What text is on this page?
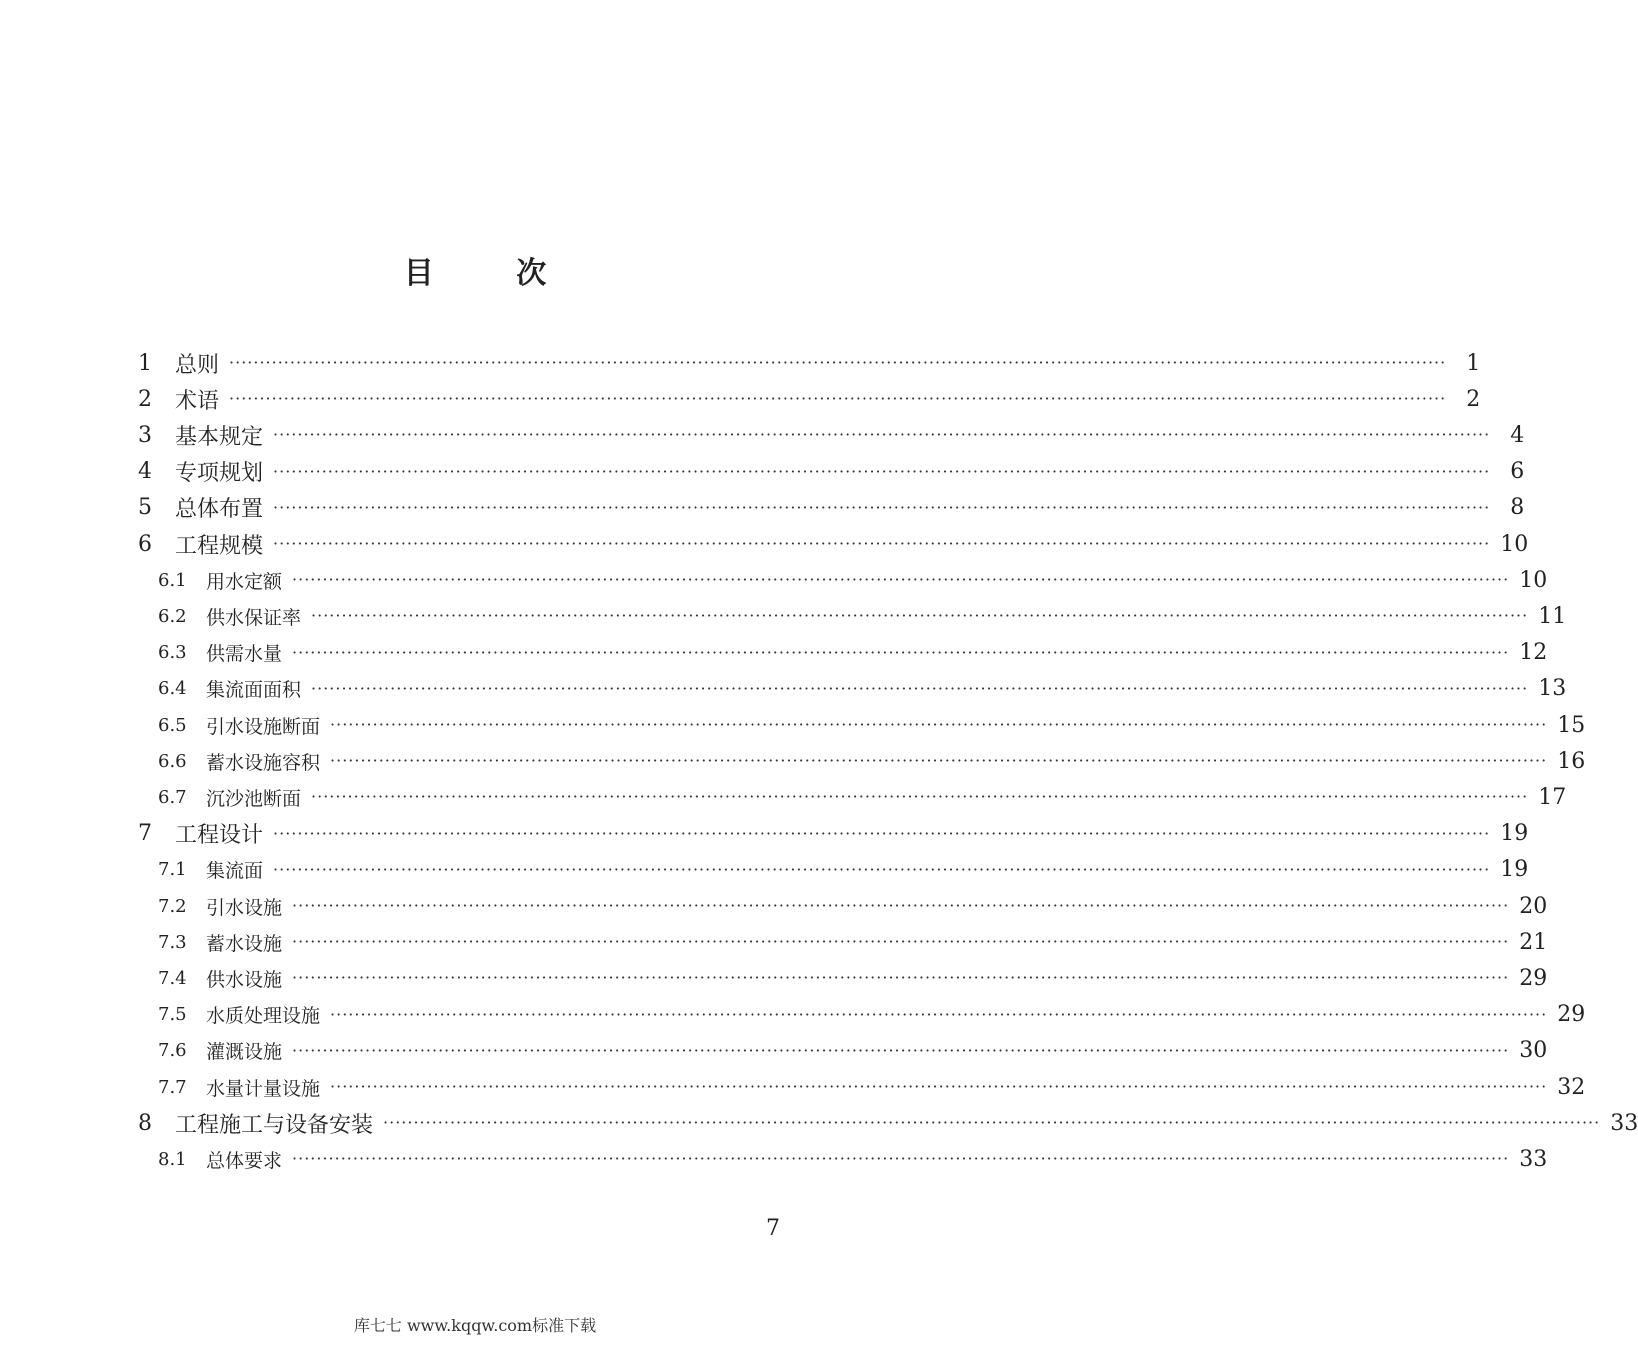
目 次
1	总则 ········································································································································································································ 1
2	术语 ········································································································································································································ 2
3	基本规定 ········································································································································································································ 4
4	专项规划 ········································································································································································································ 6
5	总体布置 ········································································································································································································ 8
6	工程规模 ········································································································································································································ 10
6.1	用水定额 ········································································································································································································ 10
6.2	供水保证率 ········································································································································································································ 11
6.3	供需水量 ········································································································································································································ 12
6.4	集流面面积 ········································································································································································································ 13
6.5	引水设施断面 ········································································································································································································ 15
6.6	蓄水设施容积 ········································································································································································································ 16
6.7	沉沙池断面 ········································································································································································································ 17
7	工程设计 ········································································································································································································ 19
7.1	集流面 ········································································································································································································ 19
7.2	引水设施 ········································································································································································································ 20
7.3	蓄水设施 ········································································································································································································ 21
7.4	供水设施 ········································································································································································································ 29
7.5	水质处理设施 ········································································································································································································ 29
7.6	灌溉设施 ········································································································································································································ 30
7.7	水量计量设施 ········································································································································································································ 32
8	工程施工与设备安装 ········································································································································································································ 33
8.1	总体要求 ········································································································································································································ 33
7
库七七 www.kqqw.com标准下载
